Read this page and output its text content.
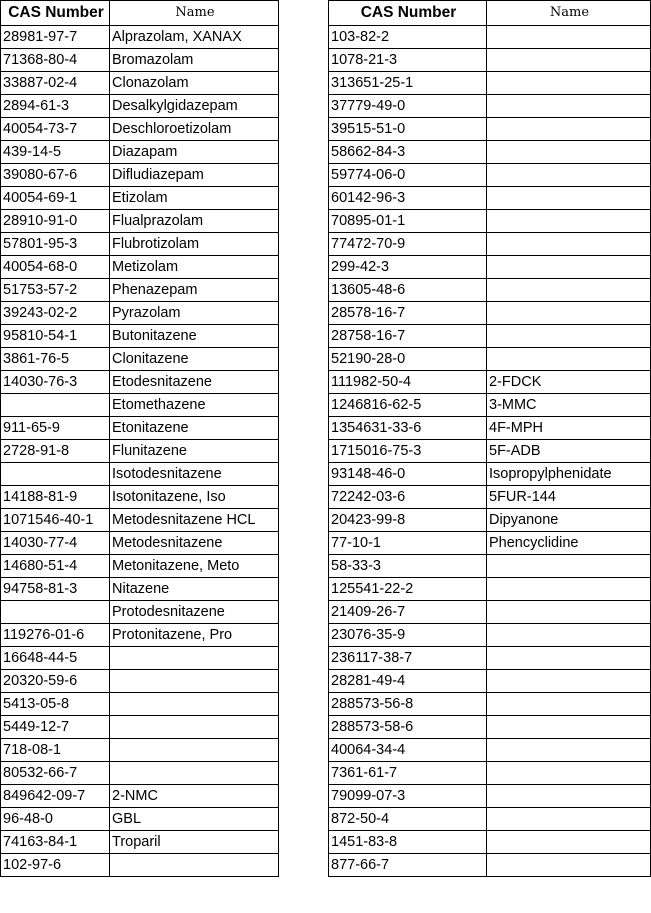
CAS Number	Name
28981-97-7	Alprazolam, XANAX
71368-80-4	Bromazolam
33887-02-4	Clonazolam
2894-61-3	Desalkylgidazepam
40054-73-7	Deschloroetizolam
439-14-5	Diazapam
39080-67-6	Difludiazepam
40054-69-1	Etizolam
28910-91-0	Flualprazolam
57801-95-3	Flubrotizolam
40054-68-0	Metizolam
51753-57-2	Phenazepam
39243-02-2	Pyrazolam
95810-54-1	Butonitazene
3861-76-5	Clonitazene
14030-76-3	Etodesnitazene
	Etomethazene
911-65-9	Etonitazene
2728-91-8	Flunitazene
	Isotodesnitazene
14188-81-9	Isotonitazene, Iso
1071546-40-1	Metodesnitazene HCL
14030-77-4	Metodesnitazene
14680-51-4	Metonitazene, Meto
94758-81-3	Nitazene
	Protodesnitazene
119276-01-6	Protonitazene, Pro
16648-44-5	
20320-59-6	
5413-05-8	
5449-12-7	
718-08-1	
80532-66-7	
849642-09-7	2-NMC
96-48-0	GBL
74163-84-1	Troparil
102-97-6	
CAS Number	Name
103-82-2	
1078-21-3	
313651-25-1	
37779-49-0	
39515-51-0	
58662-84-3	
59774-06-0	
60142-96-3	
70895-01-1	
77472-70-9	
299-42-3	
13605-48-6	
28578-16-7	
28758-16-7	
52190-28-0	
111982-50-4	2-FDCK
1246816-62-5	3-MMC
1354631-33-6	4F-MPH
1715016-75-3	5F-ADB
93148-46-0	Isopropylphenidate
72242-03-6	5FUR-144
20423-99-8	Dipyanone
77-10-1	Phencyclidine
58-33-3	
125541-22-2	
21409-26-7	
23076-35-9	
236117-38-7	
28281-49-4	
288573-56-8	
288573-58-6	
40064-34-4	
7361-61-7	
79099-07-3	
872-50-4	
1451-83-8	
877-66-7	
